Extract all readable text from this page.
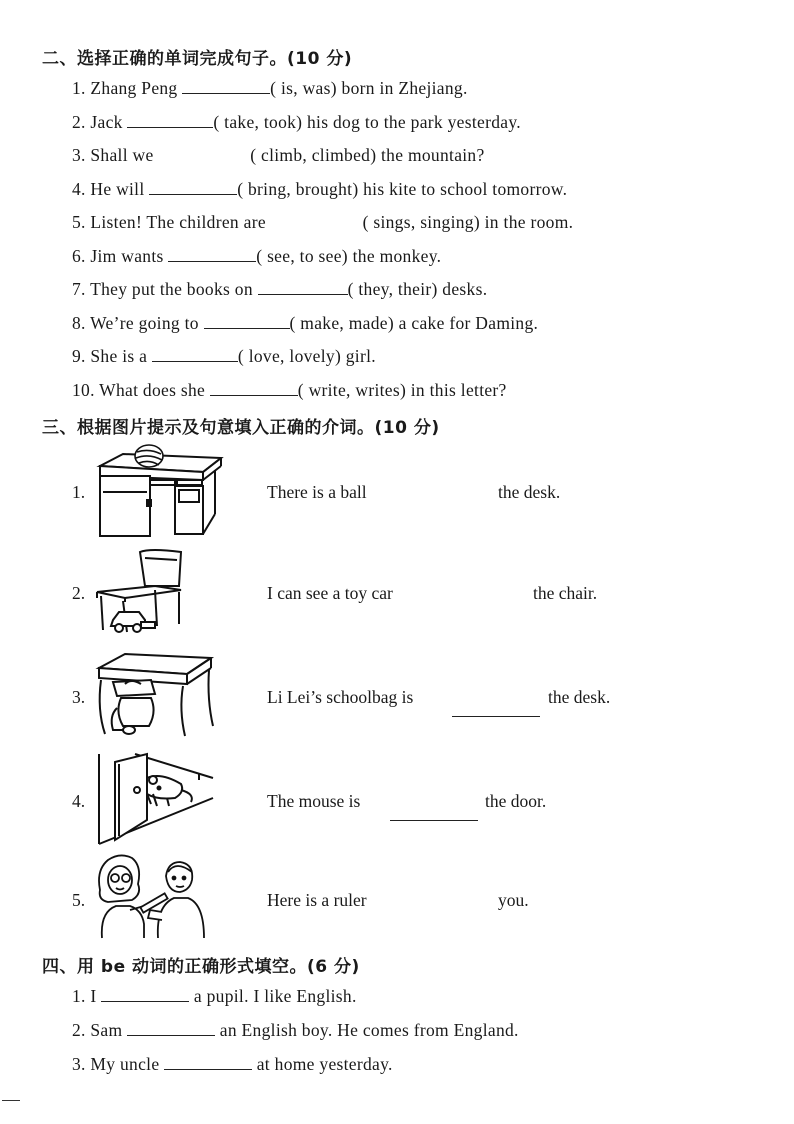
二、选择正确的单词完成句子。(10 分)
1. Zhang Peng	( is, was) born in Zhejiang.
2. Jack	( take, took) his dog to the park yesterday.
3. Shall we	( climb, climbed) the mountain?
4. He will	( bring, brought) his kite to school tomorrow.
5. Listen! The children are	( sings, singing) in the room.
6. Jim wants	( see, to see) the monkey.
7. They put the books on	( they, their) desks.
8. We’re going to	( make, made) a cake for Daming.
9. She is a	( love, lovely) girl.
10. What does she	( write, writes) in this letter?
三、根据图片提示及句意填入正确的介词。(10 分)
1.	There is a ball	the desk.
2.	I can see a toy car	the chair.
3.	Li Lei’s schoolbag is	the desk.
4.	The mouse is	the door.
5.	Here is a ruler	you.
四、用 be 动词的正确形式填空。(6 分)
1. I	a pupil. I like English.
2. Sam	an English boy. He comes from England.
3. My uncle	at home yesterday.
